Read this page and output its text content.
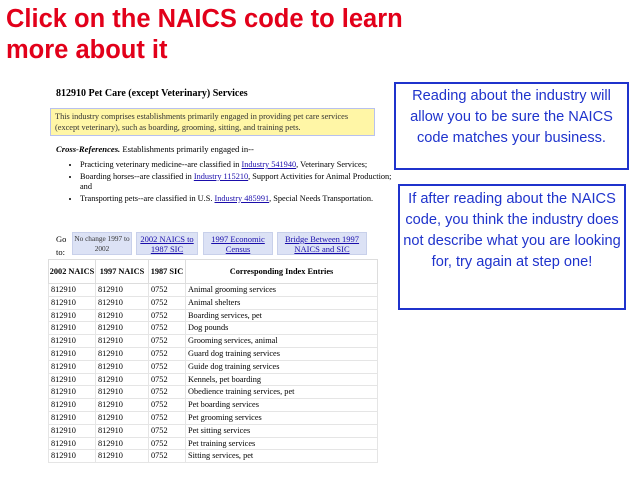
Click on the NAICS code to learn more about it
812910 Pet Care (except Veterinary) Services
This industry comprises establishments primarily engaged in providing pet care services (except veterinary), such as boarding, grooming, sitting, and training pets.
Cross-References. Establishments primarily engaged in--
• Practicing veterinary medicine--are classified in Industry 541940, Veterinary Services;
• Boarding horses--are classified in Industry 115210, Support Activities for Animal Production; and
• Transporting pets--are classified in U.S. Industry 485991, Special Needs Transportation.
Go to:
No change 1997 to 2002
2002 NAICS to 1987 SIC
1997 Economic Census
Bridge Between 1997 NAICS and SIC
2002 NAICS	1997 NAICS	1987 SIC	Corresponding Index Entries
812910	812910	0752	Animal grooming services
812910	812910	0752	Animal shelters
812910	812910	0752	Boarding services, pet
812910	812910	0752	Dog pounds
812910	812910	0752	Grooming services, animal
812910	812910	0752	Guard dog training services
812910	812910	0752	Guide dog training services
812910	812910	0752	Kennels, pet boarding
812910	812910	0752	Obedience training services, pet
812910	812910	0752	Pet boarding services
812910	812910	0752	Pet grooming services
812910	812910	0752	Pet sitting services
812910	812910	0752	Pet training services
812910	812910	0752	Sitting services, pet
Reading about the industry will allow you to be sure the NAICS code matches your business.
If after reading about the NAICS code, you think the industry does not describe what you are looking for, try again at step one!
